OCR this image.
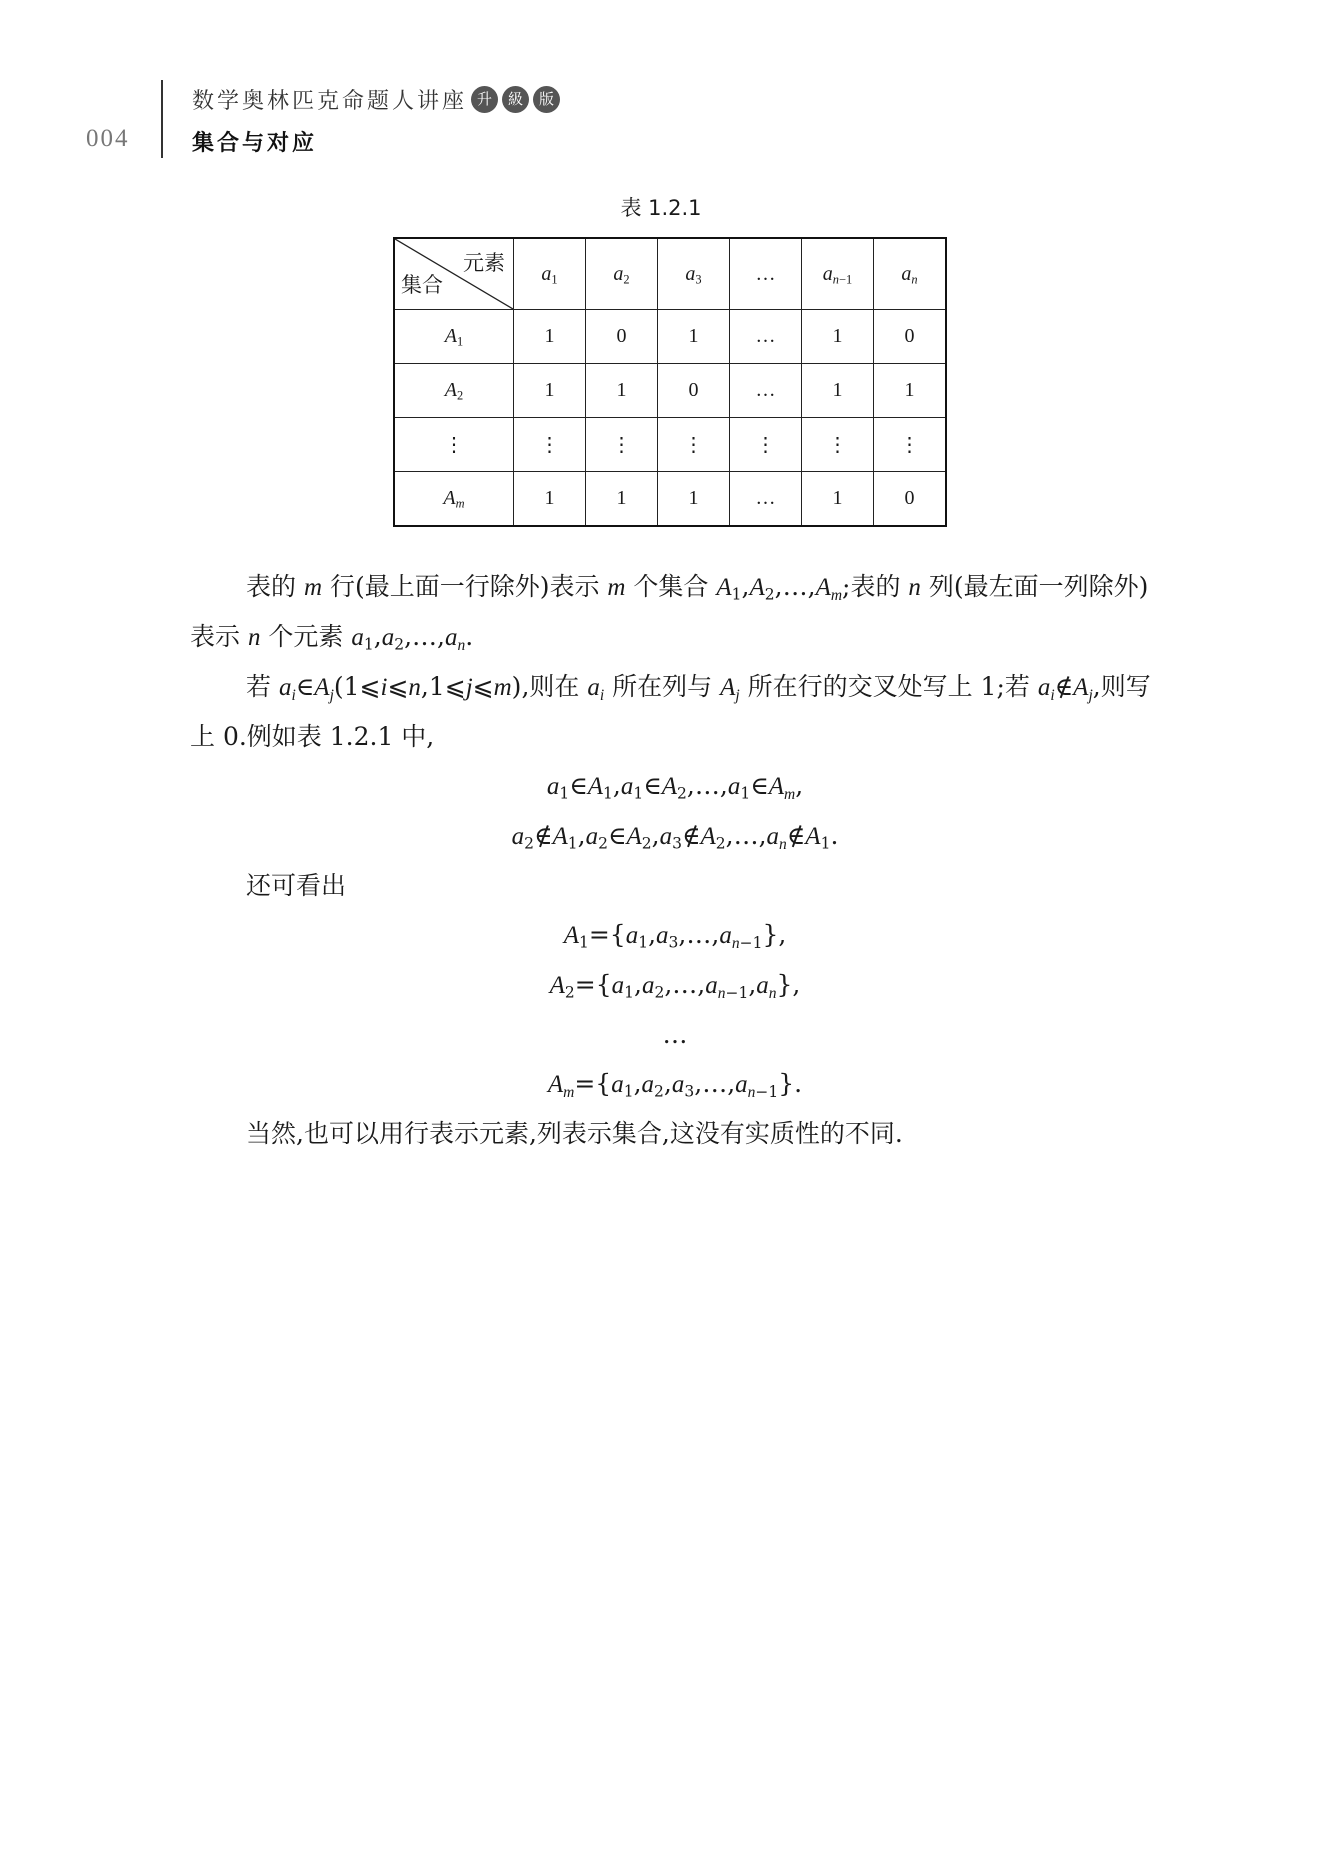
004
数学奥林匹克命题人讲座 升	級	版
集合与对应
表 1.2.1
元素
集合	$a_1$	$a_2$	$a_3$	…	$a_{n-1}$	$a_n$
$A_1$	1	0	1	…	1	0
$A_2$	1	1	0	…	1	1
⋮	⋮	⋮	⋮	⋮	⋮	⋮
$A_m$	1	1	1	…	1	0

表的 m 行(最上面一行除外)表示 m 个集合 $A_1,A_2,\dots,A_m$;表的 n 列(最左面一列除外)表示 n 个元素 $a_1,a_2,\dots,a_n$.

若 $a_i\in A_j(1⩽i⩽n,1⩽j⩽m)$,则在 $a_i$ 所在列与 $A_j$ 所在行的交叉处写上 1;若 $a_i\notin A_j$,则写上 0.例如表 1.2.1 中,

$a_1\in A_1,a_1\in A_2,\dots,a_1\in A_m$,

$a_2\notin A_1,a_2\in A_2,a_3\notin A_2,\dots,a_n\notin A_1$.

还可看出

$A_1=\{a_1,a_3,\dots,a_{n-1}\}$,

$A_2=\{a_1,a_2,\dots,a_{n-1},a_n\}$,

…

$A_m=\{a_1,a_2,a_3,\dots,a_{n-1}\}$.

当然,也可以用行表示元素,列表示集合,这没有实质性的不同.
